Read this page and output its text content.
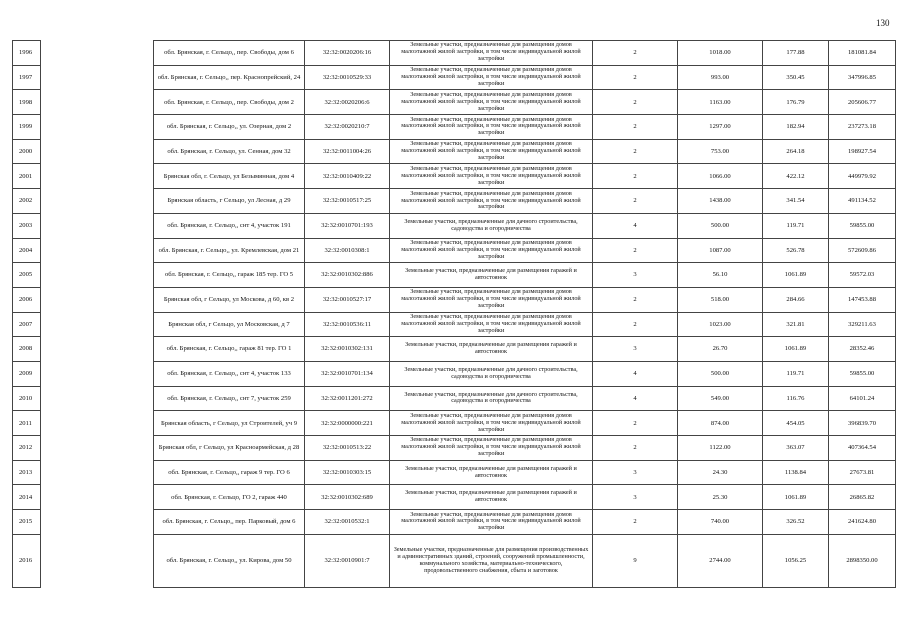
130
1996		обл. Брянская, г. Сельцо,, пер. Свободы, дом 6	32:32:0020206:16	Земельные участки, предназначенные для размещения домов малоэтажной жилой застройки, в том числе индивидуальной жилой застройки	2	1018.00	177.88	181081.84
1997		обл. Брянская, г. Сельцо,, пер. Краснопрейский, 24	32:32:0010529:33	Земельные участки, предназначенные для размещения домов малоэтажной жилой застройки, в том числе индивидуальной жилой застройки	2	993.00	350.45	347996.85
1998		обл. Брянская, г. Сельцо,, пер. Свободы, дом 2	32:32:0020206:6	Земельные участки, предназначенные для размещения домов малоэтажной жилой застройки, в том числе индивидуальной жилой застройки	2	1163.00	176.79	205606.77
1999		обл. Брянская, г. Сельцо,, ул. Озерная, дом 2	32:32:0020210:7	Земельные участки, предназначенные для размещения домов малоэтажной жилой застройки, в том числе индивидуальной жилой застройки	2	1297.00	182.94	237273.18
2000		обл. Брянская, г. Сельцо, ул. Сенная, дом 32	32:32:0011004:26	Земельные участки, предназначенные для размещения домов малоэтажной жилой застройки, в том числе индивидуальной жилой застройки	2	753.00	264.18	198927.54
2001		Брянская обл, г. Сельцо, ул Безымянная, дом 4	32:32:0010409:22	Земельные участки, предназначенные для размещения домов малоэтажной жилой застройки, в том числе индивидуальной жилой застройки	2	1066.00	422.12	449979.92
2002		Брянская область, г Сельцо, ул Лесная, д 29	32:32:0010517:25	Земельные участки, предназначенные для размещения домов малоэтажной жилой застройки, в том числе индивидуальной жилой застройки	2	1438.00	341.54	491134.52
2003		обл. Брянская, г. Сельцо,, снт 4, участок 191	32:32:0010701:193	Земельные участки, предназначенные для дачного строительства, садоводства и огородничества	4	500.00	119.71	59855.00
2004		обл. Брянская, г. Сельцо,, ул. Кремлевская, дом 21	32:32:0010308:1	Земельные участки, предназначенные для размещения домов малоэтажной жилой застройки, в том числе индивидуальной жилой застройки	2	1087.00	526.78	572609.86
2005		обл. Брянская, г. Сельцо,, гараж 185 тер. ГО 5	32:32:0010302:886	Земельные участки, предназначенные для размещения гаражей и автостоянок	3	56.10	1061.89	59572.03
2006		Брянская обл, г Сельцо, ул Москова, д 60, кв 2	32:32:0010527:17	Земельные участки, предназначенные для размещения домов малоэтажной жилой застройки, в том числе индивидуальной жилой застройки	2	518.00	284.66	147453.88
2007		Брянская обл, г Сельцо, ул Московская, д 7	32:32:0010536:11	Земельные участки, предназначенные для размещения домов малоэтажной жилой застройки, в том числе индивидуальной жилой застройки	2	1023.00	321.81	329211.63
2008		обл. Брянская, г. Сельцо,, гараж 81 тер. ГО 1	32:32:0010302:131	Земельные участки, предназначенные для размещения гаражей и автостоянок	3	26.70	1061.89	28352.46
2009		обл. Брянская, г. Сельцо,, снт 4, участок 133	32:32:0010701:134	Земельные участки, предназначенные для дачного строительства, садоводства и огородничества	4	500.00	119.71	59855.00
2010		обл. Брянская, г. Сельцо,, снт 7, участок 259	32:32:0011201:272	Земельные участки, предназначенные для дачного строительства, садоводства и огородничества	4	549.00	116.76	64101.24
2011		Брянская область, г Сельцо, ул Строителей, уч 9	32:32:0000000:221	Земельные участки, предназначенные для размещения домов малоэтажной жилой застройки, в том числе индивидуальной жилой застройки	2	874.00	454.05	396839.70
2012		Брянская обл, г Сельцо, ул Красноармейская, д 28	32:32:0010513:22	Земельные участки, предназначенные для размещения домов малоэтажной жилой застройки, в том числе индивидуальной жилой застройки	2	1122.00	363.07	407364.54
2013		обл. Брянская, г. Сельцо,, гараж 9 тер. ГО 6	32:32:0010303:15	Земельные участки, предназначенные для размещения гаражей и автостоянок	3	24.30	1138.84	27673.81
2014		обл. Брянская, г. Сельцо, ГО 2, гараж 440	32:32:0010302:689	Земельные участки, предназначенные для размещения гаражей и автостоянок	3	25.30	1061.89	26865.82
2015		обл. Брянская, г. Сельцо,, пер. Парковый, дом 6	32:32:0010532:1	Земельные участки, предназначенные для размещения домов малоэтажной жилой застройки, в том числе индивидуальной жилой застройки	2	740.00	326.52	241624.80
2016		обл. Брянская, г. Сельцо,, ул. Кирова, дом 50	32:32:0010901:7	Земельные участки, предназначенные для размещения производственных и административных зданий, строений, сооружений промышленности, коммунального хозяйства, материально-технического, продовольственного снабжения, сбыта и заготовок	9	2744.00	1056.25	2898350.00
